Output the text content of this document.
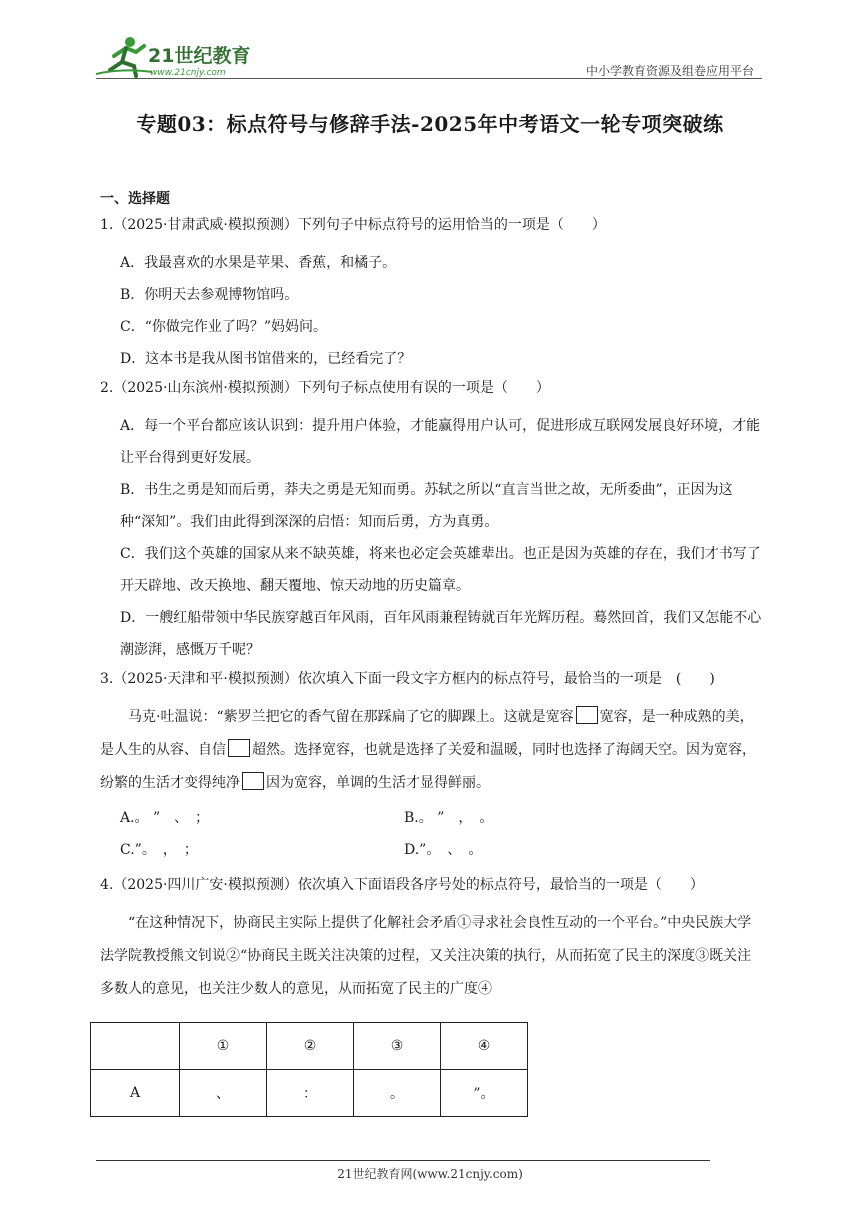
21世纪教育
www.21cnjy.com	中小学教育资源及组卷应用平台
专题03：标点符号与修辞手法-2025年中考语文一轮专项突破练
一、选择题
1.（2025·甘肃武威·模拟预测）下列句子中标点符号的运用恰当的一项是（　　）
A．我最喜欢的水果是苹果、香蕉，和橘子。
B．你明天去参观博物馆吗。
C．“你做完作业了吗？”妈妈问。
D．这本书是我从图书馆借来的，已经看完了？
2.（2025·山东滨州·模拟预测）下列句子标点使用有误的一项是（　　）
A．每一个平台都应该认识到：提升用户体验，才能赢得用户认可，促进形成互联网发展良好环境，才能让平台得到更好发展。
B．书生之勇是知而后勇，莽夫之勇是无知而勇。苏轼之所以“直言当世之故，无所委曲”，正因为这种“深知”。我们由此得到深深的启悟：知而后勇，方为真勇。
C．我们这个英雄的国家从来不缺英雄，将来也必定会英雄辈出。也正是因为英雄的存在，我们才书写了开天辟地、改天换地、翻天覆地、惊天动地的历史篇章。
D．一艘红船带领中华民族穿越百年风雨，百年风雨兼程铸就百年光辉历程。蓦然回首，我们又怎能不心潮澎湃，感慨万千呢？
3.（2025·天津和平·模拟预测）依次填入下面一段文字方框内的标点符号，最恰当的一项是　(　　)
马克·吐温说：“紫罗兰把它的香气留在那踩扁了它的脚踝上。这就是宽容 宽容，是一种成熟的美，是人生的从容、自信 超然。选择宽容，也就是选择了关爱和温暖，同时也选择了海阔天空。因为宽容，纷繁的生活才变得纯净 因为宽容，单调的生活才显得鲜丽。
A.。 ”　、　；	B.。 ”　，　。
C.”。　，　；	D.”。　、　。
4.（2025·四川广安·模拟预测）依次填入下面语段各序号处的标点符号，最恰当的一项是（　　）
“在这种情况下，协商民主实际上提供了化解社会矛盾①寻求社会良性互动的一个平台。”中央民族大学法学院教授熊文钊说②“协商民主既关注决策的过程，又关注决策的执行，从而拓宽了民主的深度③既关注多数人的意见，也关注少数人的意见，从而拓宽了民主的广度④
	①	②	③	④
A	、	：	。	”。
21世纪教育网(www.21cnjy.com)
